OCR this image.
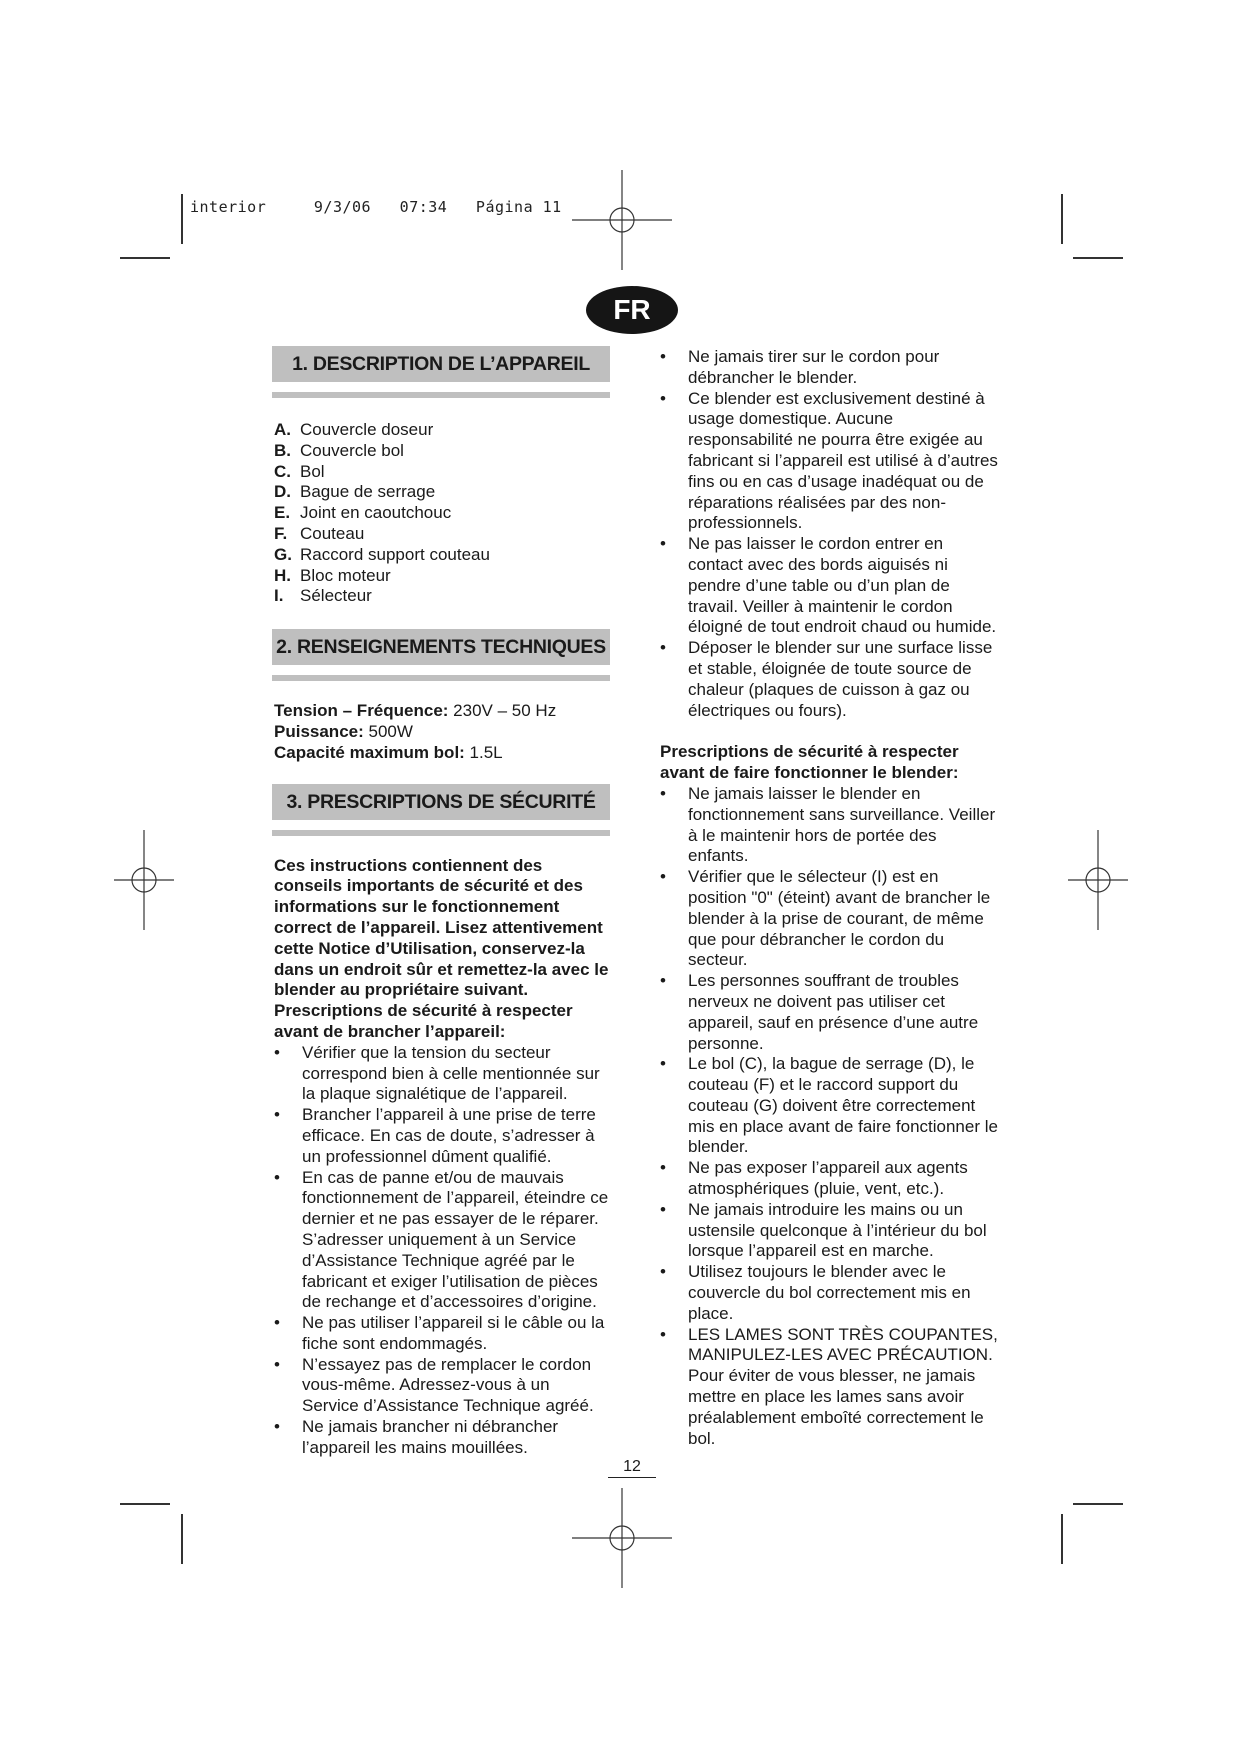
interior     9/3/06   07:34   Página 11
FR
1. DESCRIPTION DE L’APPAREIL
A. Couvercle doseur
B. Couvercle bol
C. Bol
D. Bague de serrage
E. Joint en caoutchouc
F. Couteau
G. Raccord support couteau
H. Bloc moteur
I. Sélecteur
2. RENSEIGNEMENTS TECHNIQUES
Tension – Fréquence: 230V – 50 Hz
Puissance: 500W
Capacité maximum bol: 1.5L
3. PRESCRIPTIONS DE SÉCURITÉ

Ces instructions contiennent des conseils importants de sécurité et des informations sur le fonctionnement correct de l’appareil. Lisez attentivement cette Notice d’Utilisation, conservez-la dans un endroit sûr et remettez-la avec le blender au propriétaire suivant.

Prescriptions de sécurité à respecter avant de brancher l’appareil:

• Vérifier que la tension du secteur correspond bien à celle mentionnée sur la plaque signalétique de l’appareil.
• Brancher l’appareil à une prise de terre efficace. En cas de doute, s’adresser à un professionnel dûment qualifié.
• En cas de panne et/ou de mauvais fonctionnement de l’appareil, éteindre ce dernier et ne pas essayer de le réparer. S’adresser uniquement à un Service d’Assistance Technique agréé par le fabricant et exiger l’utilisation de pièces de rechange et d’accessoires d’origine.
• Ne pas utiliser l’appareil si le câble ou la fiche sont endommagés.
• N’essayez pas de remplacer le cordon vous-même. Adressez-vous à un Service d’Assistance Technique agréé.
• Ne jamais brancher ni débrancher l’appareil les mains mouillées.
• Ne jamais tirer sur le cordon pour débrancher le blender.
• Ce blender est exclusivement destiné à usage domestique. Aucune responsabilité ne pourra être exigée au fabricant si l’appareil est utilisé à d’autres fins ou en cas d’usage inadéquat ou de réparations réalisées par des non-professionnels.
• Ne pas laisser le cordon entrer en contact avec des bords aiguisés ni pendre d’une table ou d’un plan de travail. Veiller à maintenir le cordon éloigné de tout endroit chaud ou humide.
• Déposer le blender sur une surface lisse et stable, éloignée de toute source de chaleur (plaques de cuisson à gaz ou électriques ou fours).

Prescriptions de sécurité à respecter avant de faire fonctionner le blender:

• Ne jamais laisser le blender en fonctionnement sans surveillance. Veiller à le maintenir hors de portée des enfants.
• Vérifier que le sélecteur (I) est en position "0" (éteint) avant de brancher le blender à la prise de courant, de même que pour débrancher le cordon du secteur.
• Les personnes souffrant de troubles nerveux ne doivent pas utiliser cet appareil, sauf en présence d’une autre personne.
• Le bol (C), la bague de serrage (D), le couteau (F) et le raccord support du couteau (G) doivent être correctement mis en place avant de faire fonctionner le blender.
• Ne pas exposer l’appareil aux agents atmosphériques (pluie, vent, etc.).
• Ne jamais introduire les mains ou un ustensile quelconque à l’intérieur du bol lorsque l’appareil est en marche.
• Utilisez toujours le blender avec le couvercle du bol correctement mis en place.
• LES LAMES SONT TRÈS COUPANTES, MANIPULEZ-LES AVEC PRÉCAUTION. Pour éviter de vous blesser, ne jamais mettre en place les lames sans avoir préalablement emboîté correctement le bol.
12
